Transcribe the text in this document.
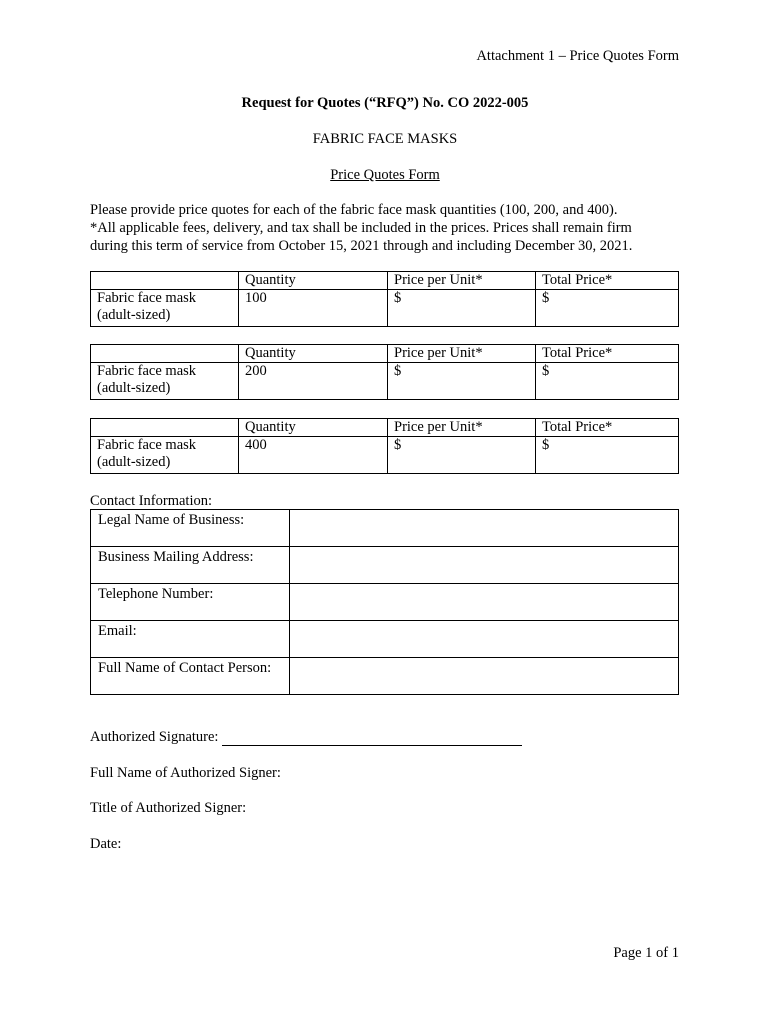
Attachment 1 – Price Quotes Form
Request for Quotes (“RFQ”) No. CO 2022-005
FABRIC FACE MASKS
Price Quotes Form
Please provide price quotes for each of the fabric face mask quantities (100, 200, and 400).
*All applicable fees, delivery, and tax shall be included in the prices. Prices shall remain firm
during this term of service from October 15, 2021 through and including December 30, 2021.
	Quantity	Price per Unit*	Total Price*

Fabric face mask
(adult-sized)	100	$	$
	Quantity	Price per Unit*	Total Price*

Fabric face mask
(adult-sized)	200	$	$
	Quantity	Price per Unit*	Total Price*

Fabric face mask
(adult-sized)	400	$	$
Contact Information:
Legal Name of Business:	
Business Mailing Address:	
Telephone Number:	
Email:	
Full Name of Contact Person:	
Authorized Signature:
Full Name of Authorized Signer:
Title of Authorized Signer:
Date:
Page 1 of 1
